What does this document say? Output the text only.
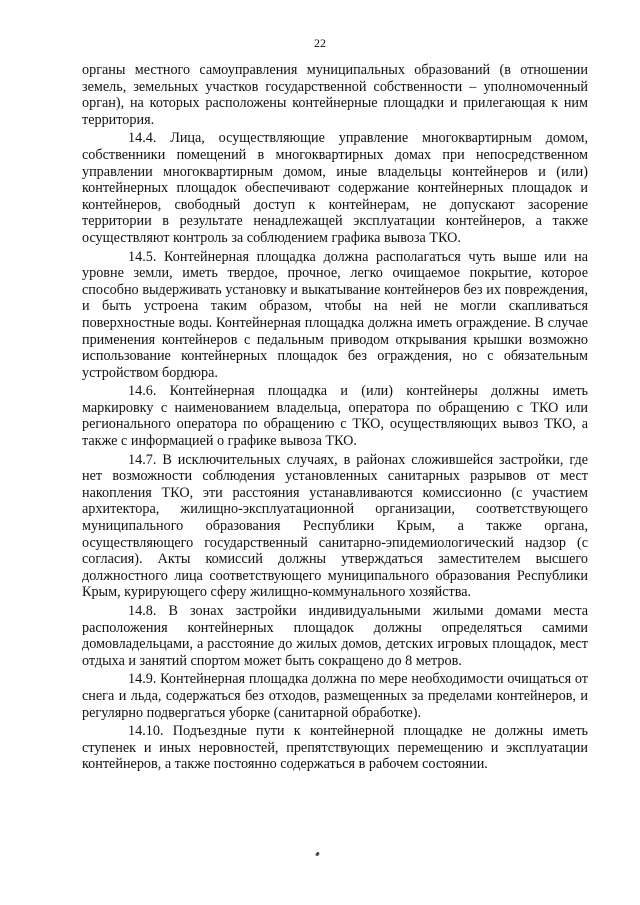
22

органы местного самоуправления муниципальных образований (в отношении земель, земельных участков государственной собственности – уполномоченный орган), на которых расположены контейнерные площадки и прилегающая к ним территория.

14.4. Лица, осуществляющие управление многоквартирным домом, собственники помещений в многоквартирных домах при непосредственном управлении многоквартирным домом, иные владельцы контейнеров и (или) контейнерных площадок обеспечивают содержание контейнерных площадок и контейнеров, свободный доступ к контейнерам, не допускают засорение территории в результате ненадлежащей эксплуатации контейнеров, а также осуществляют контроль за соблюдением графика вывоза ТКО.

14.5. Контейнерная площадка должна располагаться чуть выше или на уровне земли, иметь твердое, прочное, легко очищаемое покрытие, которое способно выдерживать установку и выкатывание контейнеров без их повреждения, и быть устроена таким образом, чтобы на ней не могли скапливаться поверхностные воды. Контейнерная площадка должна иметь ограждение. В случае применения контейнеров с педальным приводом открывания крышки возможно использование контейнерных площадок без ограждения, но с обязательным устройством бордюра.

14.6. Контейнерная площадка и (или) контейнеры должны иметь маркировку с наименованием владельца, оператора по обращению с ТКО или регионального оператора по обращению с ТКО, осуществляющих вывоз ТКО, а также с информацией о графике вывоза ТКО.

14.7. В исключительных случаях, в районах сложившейся застройки, где нет возможности соблюдения установленных санитарных разрывов от мест накопления ТКО, эти расстояния устанавливаются комиссионно (с участием архитектора, жилищно-эксплуатационной организации, соответствующего муниципального образования Республики Крым, а также органа, осуществляющего государственный санитарно-эпидемиологический надзор (с согласия). Акты комиссий должны утверждаться заместителем высшего должностного лица соответствующего муниципального образования Республики Крым, курирующего сферу жилищно-коммунального хозяйства.

14.8. В зонах застройки индивидуальными жилыми домами места расположения контейнерных площадок должны определяться самими домовладельцами, а расстояние до жилых домов, детских игровых площадок, мест отдыха и занятий спортом может быть сокращено до 8 метров.

14.9. Контейнерная площадка должна по мере необходимости очищаться от снега и льда, содержаться без отходов, размещенных за пределами контейнеров, и регулярно подвергаться уборке (санитарной обработке).

14.10. Подъездные пути к контейнерной площадке не должны иметь ступенек и иных неровностей, препятствующих перемещению и эксплуатации контейнеров, а также постоянно содержаться в рабочем состоянии.
